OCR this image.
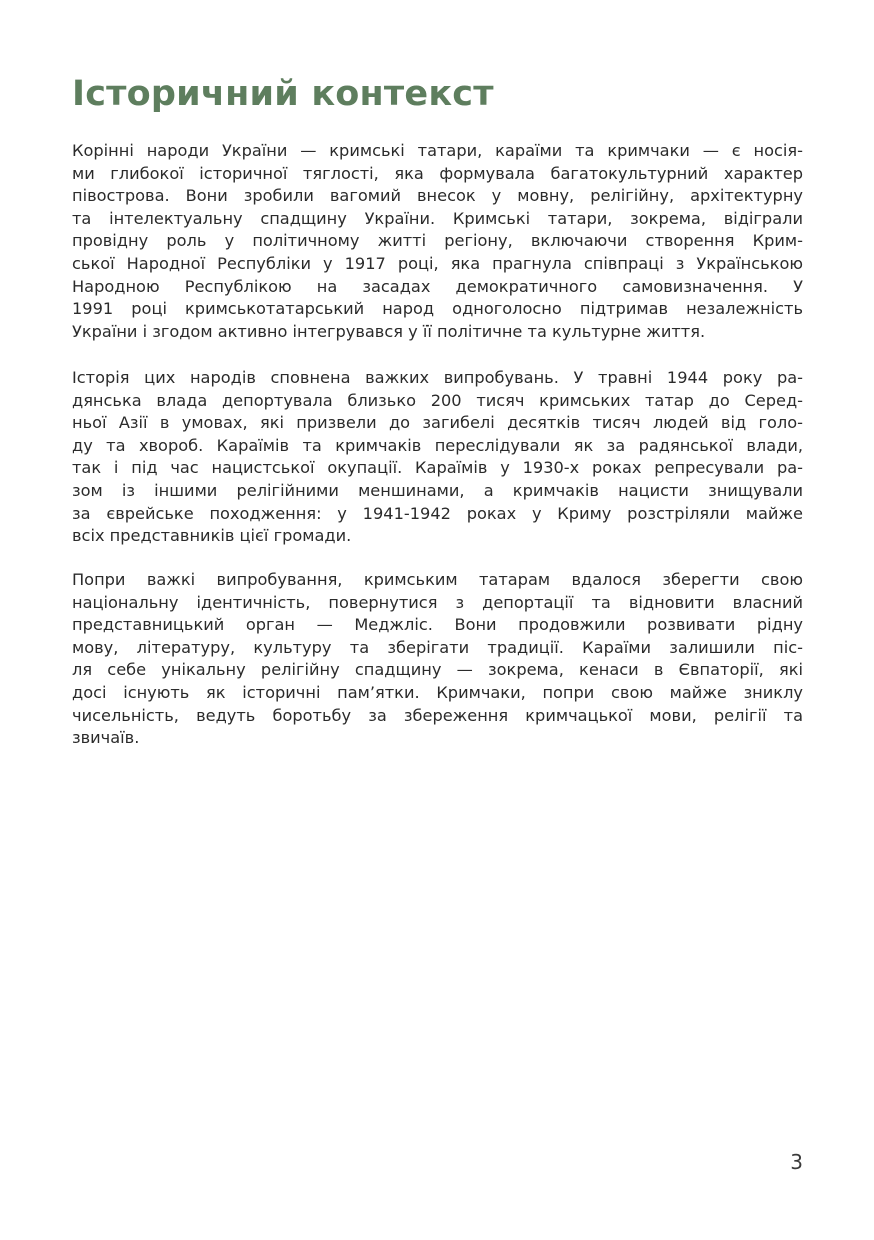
Історичний контекст
Корінні народи України — кримські татари, караїми та кримчаки — є носія-
ми глибокої історичної тяглості, яка формувала багатокультурний характер
півострова. Вони зробили вагомий внесок у мовну, релігійну, архітектурну
та інтелектуальну спадщину України. Кримські татари, зокрема, відіграли
провідну роль у політичному житті регіону, включаючи створення Крим-
ської Народної Республіки у 1917 році, яка прагнула співпраці з Українською
Народною Республікою на засадах демократичного самовизначення. У
1991 році кримськотатарський народ одноголосно підтримав незалежність
України і згодом активно інтегрувався у її політичне та культурне життя.
Історія цих народів сповнена важких випробувань. У травні 1944 року ра-
дянська влада депортувала близько 200 тисяч кримських татар до Серед-
ньої Азії в умовах, які призвели до загибелі десятків тисяч людей від голо-
ду та хвороб. Караїмів та кримчаків переслідували як за радянської влади,
так і під час нацистської окупації. Караїмів у 1930-х роках репресували ра-
зом із іншими релігійними меншинами, а кримчаків нацисти знищували
за єврейське походження: у 1941-1942 роках у Криму розстріляли майже
всіх представників цієї громади.
Попри важкі випробування, кримським татарам вдалося зберегти свою
національну ідентичність, повернутися з депортації та відновити власний
представницький орган — Меджліс. Вони продовжили розвивати рідну
мову, літературу, культуру та зберігати традиції. Караїми залишили піс-
ля себе унікальну релігійну спадщину — зокрема, кенаси в Євпаторії, які
досі існують як історичні пам’ятки. Кримчаки, попри свою майже зниклу
чисельність, ведуть боротьбу за збереження кримчацької мови, релігії та
звичаїв.
3
